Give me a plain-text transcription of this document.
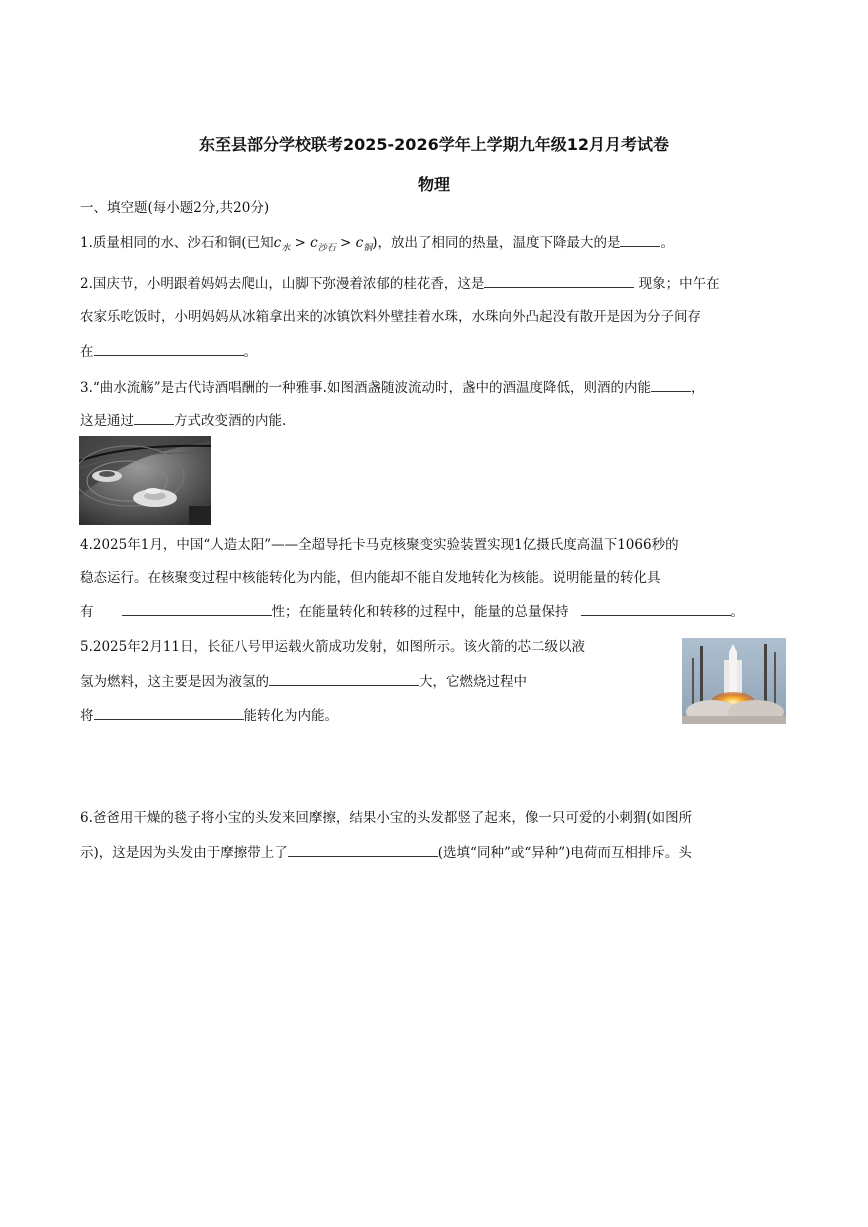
东至县部分学校联考2025-2026学年上学期九年级12月月考试卷
物理
一、填空题(每小题2分,共20分)
1.质量相同的水、沙石和铜(已知$c_水 > c_{沙石} > c_铜$)，放出了相同的热量，温度下降最大的是	。
2.国庆节，小明跟着妈妈去爬山，山脚下弥漫着浓郁的桂花香，这是	现象；中午在
农家乐吃饭时，小明妈妈从冰箱拿出来的冰镇饮料外壁挂着水珠，水珠向外凸起没有散开是因为分子间存
在	。
3.“曲水流觞”是古代诗酒唱酬的一种雅事.如图酒盏随波流动时，盏中的酒温度降低，则酒的内能	，
这是通过	方式改变酒的内能.
4.2025年1月，中国“人造太阳”——全超导托卡马克核聚变实验装置实现1亿摄氏度高温下1066秒的
稳态运行。在核聚变过程中核能转化为内能，但内能却不能自发地转化为核能。说明能量的转化具
有	性；在能量转化和转移的过程中，能量的总量保持	。
5.2025年2月11日，长征八号甲运载火箭成功发射，如图所示。该火箭的芯二级以液
氢为燃料，这主要是因为液氢的	大，它燃烧过程中
将	能转化为内能。
6.爸爸用干燥的毯子将小宝的头发来回摩擦，结果小宝的头发都竖了起来，像一只可爱的小刺猬(如图所
示)，这是因为头发由于摩擦带上了	(选填“同种”或“异种”)电荷而互相排斥。头
